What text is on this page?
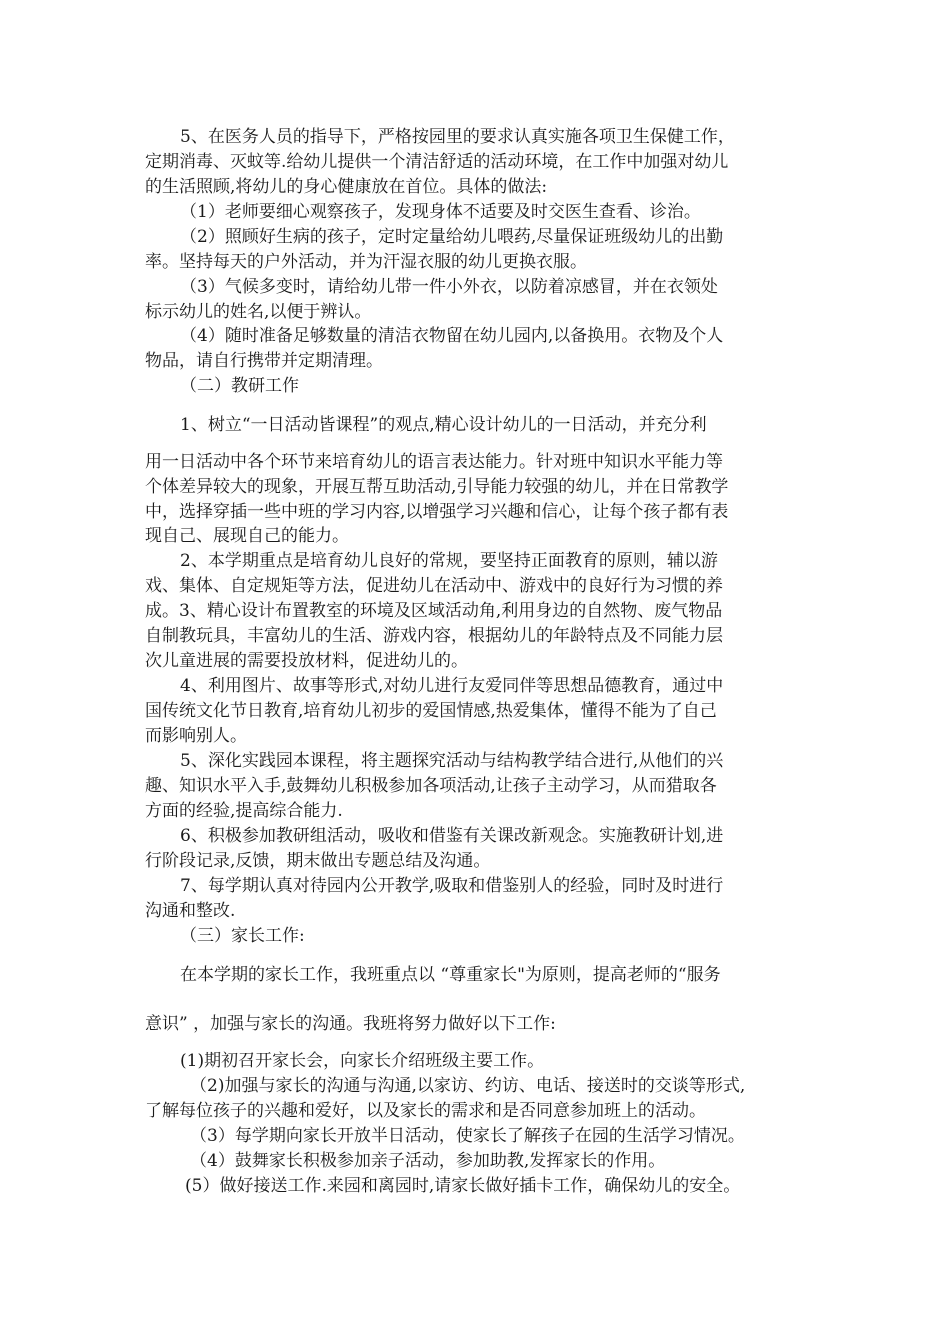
5、在医务人员的指导下，严格按园里的要求认真实施各项卫生保健工作，

定期消毒、灭蚊等.给幼儿提供一个清洁舒适的活动环境，在工作中加强对幼儿

的生活照顾,将幼儿的身心健康放在首位。具体的做法:

（1）老师要细心观察孩子，发现身体不适要及时交医生查看、诊治。

（2）照顾好生病的孩子，定时定量给幼儿喂药,尽量保证班级幼儿的出勤

率。坚持每天的户外活动，并为汗湿衣服的幼儿更换衣服。

（3）气候多变时，请给幼儿带一件小外衣，以防着凉感冒，并在衣领处

标示幼儿的姓名,以便于辨认。

（4）随时准备足够数量的清洁衣物留在幼儿园内,以备换用。衣物及个人

物品，请自行携带并定期清理。

（二）教研工作

1、树立“一日活动皆课程”的观点,精心设计幼儿的一日活动，并充分利

用一日活动中各个环节来培育幼儿的语言表达能力。针对班中知识水平能力等

个体差异较大的现象，开展互帮互助活动,引导能力较强的幼儿，并在日常教学

中，选择穿插一些中班的学习内容,以增强学习兴趣和信心，让每个孩子都有表

现自己、展现自己的能力。

2、本学期重点是培育幼儿良好的常规，要坚持正面教育的原则，辅以游

戏、集体、自定规矩等方法，促进幼儿在活动中、游戏中的良好行为习惯的养

成。3、精心设计布置教室的环境及区域活动角,利用身边的自然物、废气物品

自制教玩具，丰富幼儿的生活、游戏内容，根据幼儿的年龄特点及不同能力层

次儿童进展的需要投放材料，促进幼儿的。

4、利用图片、故事等形式,对幼儿进行友爱同伴等思想品德教育，通过中

国传统文化节日教育,培育幼儿初步的爱国情感,热爱集体，懂得不能为了自己

而影响别人。

5、深化实践园本课程，将主题探究活动与结构教学结合进行,从他们的兴

趣、知识水平入手,鼓舞幼儿积极参加各项活动,让孩子主动学习，从而猎取各

方面的经验,提高综合能力.

6、积极参加教研组活动，吸收和借鉴有关课改新观念。实施教研计划,进

行阶段记录,反馈，期末做出专题总结及沟通。

7、每学期认真对待园内公开教学,吸取和借鉴别人的经验，同时及时进行

沟通和整改.

（三）家长工作:

在本学期的家长工作，我班重点以 “尊重家长"为原则，提高老师的“服务

意识” ，加强与家长的沟通。我班将努力做好以下工作:

(1)期初召开家长会，向家长介绍班级主要工作。

（2)加强与家长的沟通与沟通,以家访、约访、电话、接送时的交谈等形式,

了解每位孩子的兴趣和爱好，以及家长的需求和是否同意参加班上的活动。

（3）每学期向家长开放半日活动，使家长了解孩子在园的生活学习情况。

（4）鼓舞家长积极参加亲子活动，参加助教,发挥家长的作用。

(5）做好接送工作.来园和离园时,请家长做好插卡工作，确保幼儿的安全。
